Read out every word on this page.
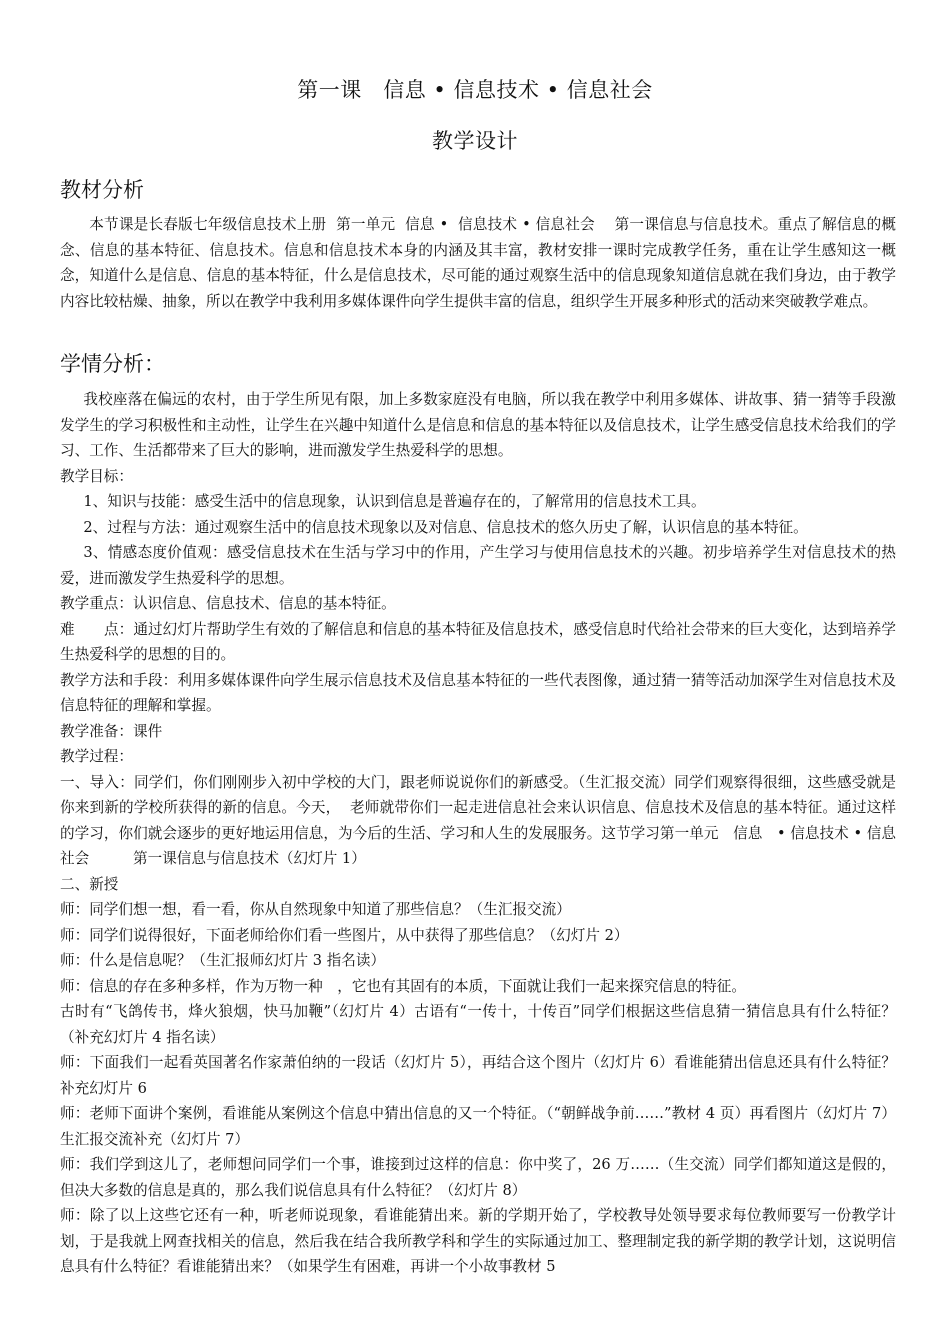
第一课　信息 • 信息技术 • 信息社会
教学设计
教材分析

本节课是长春版七年级信息技术上册  第一单元  信息 •  信息技术 • 信息社会　 第一课信息与信息技术。重点了解信息的概念、信息的基本特征、信息技术。信息和信息技术本身的内涵及其丰富，教材安排一课时完成教学任务，重在让学生感知这一概念，知道什么是信息、信息的基本特征，什么是信息技术，尽可能的通过观察生活中的信息现象知道信息就在我们身边，由于教学内容比较枯燥、抽象，所以在教学中我利用多媒体课件向学生提供丰富的信息，组织学生开展多种形式的活动来突破教学难点。

学情分析：

我校座落在偏远的农村，由于学生所见有限，加上多数家庭没有电脑，所以我在教学中利用多媒体、讲故事、猜一猜等手段激发学生的学习积极性和主动性，让学生在兴趣中知道什么是信息和信息的基本特征以及信息技术，让学生感受信息技术给我们的学习、工作、生活都带来了巨大的影响，进而激发学生热爱科学的思想。

教学目标：

1、知识与技能：感受生活中的信息现象，认识到信息是普遍存在的，了解常用的信息技术工具。

2、过程与方法：通过观察生活中的信息技术现象以及对信息、信息技术的悠久历史了解，认识信息的基本特征。

3、情感态度价值观：感受信息技术在生活与学习中的作用，产生学习与使用信息技术的兴趣。初步培养学生对信息技术的热爱，进而激发学生热爱科学的思想。

教学重点：认识信息、信息技术、信息的基本特征。

难　　点：通过幻灯片帮助学生有效的了解信息和信息的基本特征及信息技术，感受信息时代给社会带来的巨大变化，达到培养学生热爱科学的思想的目的。

教学方法和手段：利用多媒体课件向学生展示信息技术及信息基本特征的一些代表图像，通过猜一猜等活动加深学生对信息技术及信息特征的理解和掌握。

教学准备：课件

教学过程：

一、导入：同学们，你们刚刚步入初中学校的大门，跟老师说说你们的新感受。（生汇报交流）同学们观察得很细，这些感受就是你来到新的学校所获得的新的信息。今天，  老师就带你们一起走进信息社会来认识信息、信息技术及信息的基本特征。通过这样的学习，你们就会逐步的更好地运用信息，为今后的生活、学习和人生的发展服务。这节学习第一单元　信息　• 信息技术 • 信息社会　　　第一课信息与信息技术（幻灯片 1）

二、新授

师：同学们想一想，看一看，你从自然现象中知道了那些信息？（生汇报交流）

师：同学们说得很好，下面老师给你们看一些图片，从中获得了那些信息？（幻灯片 2）

师：什么是信息呢？（生汇报师幻灯片 3 指名读）

师：信息的存在多种多样，作为万物一种　，它也有其固有的本质，下面就让我们一起来探究信息的特征。

古时有“飞鸽传书，烽火狼烟，快马加鞭”（幻灯片 4）古语有“一传十，十传百”同学们根据这些信息猜一猜信息具有什么特征？（补充幻灯片 4 指名读）

师：下面我们一起看英国著名作家萧伯纳的一段话（幻灯片 5），再结合这个图片（幻灯片 6）看谁能猜出信息还具有什么特征？补充幻灯片 6

师：老师下面讲个案例，看谁能从案例这个信息中猜出信息的又一个特征。（“朝鲜战争前……”教材 4 页）再看图片（幻灯片 7）生汇报交流补充（幻灯片 7）

师：我们学到这儿了，老师想问同学们一个事，谁接到过这样的信息：你中奖了，26 万……（生交流）同学们都知道这是假的，但决大多数的信息是真的，那么我们说信息具有什么特征？（幻灯片 8）

师：除了以上这些它还有一种，听老师说现象，看谁能猜出来。新的学期开始了，学校教导处领导要求每位教师要写一份教学计划，于是我就上网查找相关的信息，然后我在结合我所教学科和学生的实际通过加工、整理制定我的新学期的教学计划，这说明信息具有什么特征？看谁能猜出来？（如果学生有困难，再讲一个小故事教材 5
